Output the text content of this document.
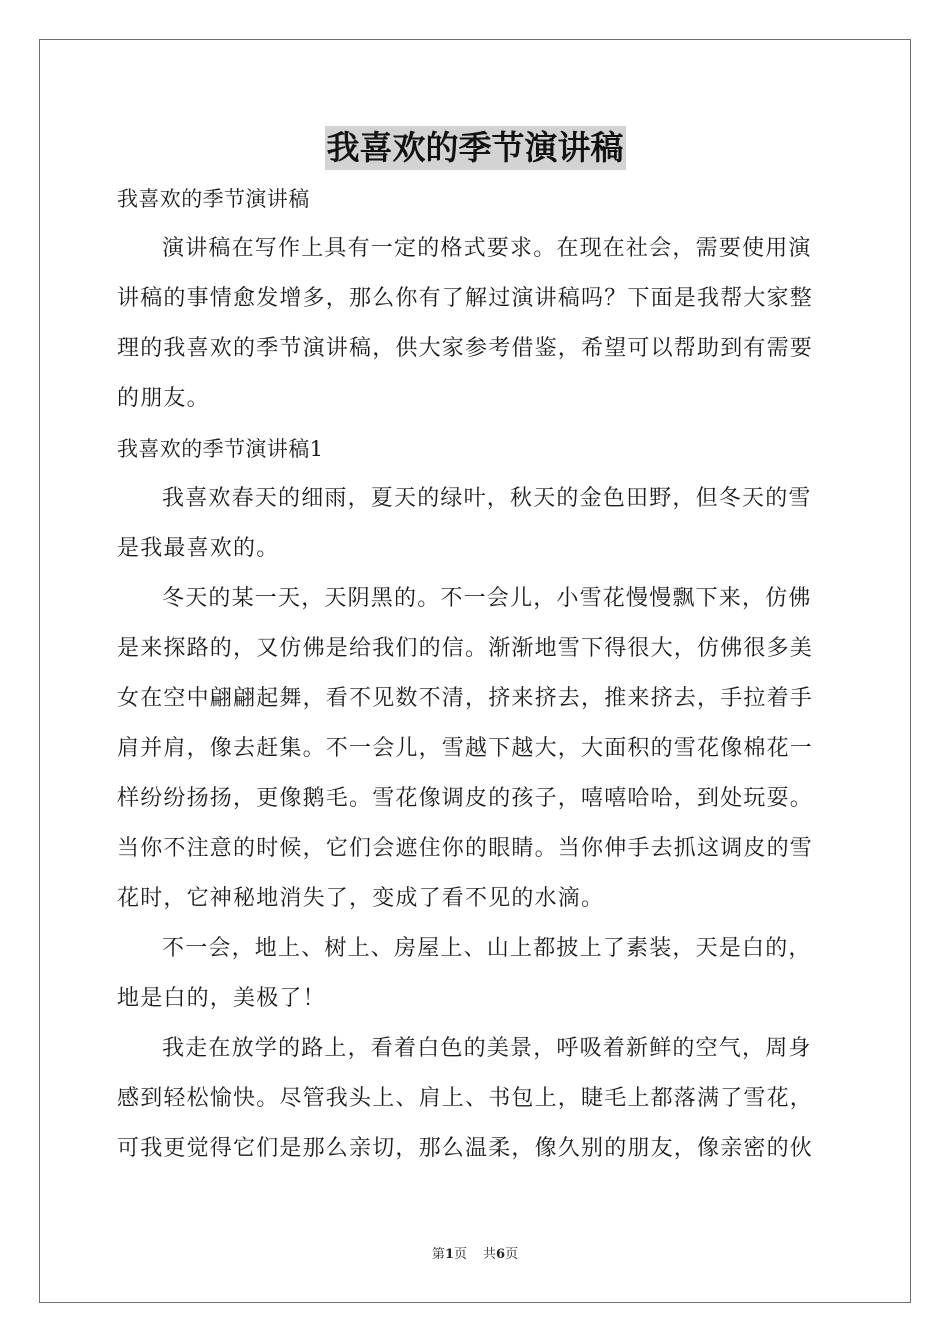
我喜欢的季节演讲稿
我喜欢的季节演讲稿
演讲稿在写作上具有一定的格式要求。在现在社会，需要使用演
讲稿的事情愈发增多，那么你有了解过演讲稿吗？下面是我帮大家整
理的我喜欢的季节演讲稿，供大家参考借鉴，希望可以帮助到有需要
的朋友。
我喜欢的季节演讲稿1
我喜欢春天的细雨，夏天的绿叶，秋天的金色田野，但冬天的雪
是我最喜欢的。
冬天的某一天，天阴黑的。不一会儿，小雪花慢慢飘下来，仿佛
是来探路的，又仿佛是给我们的信。渐渐地雪下得很大，仿佛很多美
女在空中翩翩起舞，看不见数不清，挤来挤去，推来挤去，手拉着手
肩并肩，像去赶集。不一会儿，雪越下越大，大面积的雪花像棉花一
样纷纷扬扬，更像鹅毛。雪花像调皮的孩子，嘻嘻哈哈，到处玩耍。
当你不注意的时候，它们会遮住你的眼睛。当你伸手去抓这调皮的雪
花时，它神秘地消失了，变成了看不见的水滴。
不一会，地上、树上、房屋上、山上都披上了素装，天是白的，
地是白的，美极了！
我走在放学的路上，看着白色的美景，呼吸着新鲜的空气，周身
感到轻松愉快。尽管我头上、肩上、书包上，睫毛上都落满了雪花，
可我更觉得它们是那么亲切，那么温柔，像久别的朋友，像亲密的伙
第1页 共6页
